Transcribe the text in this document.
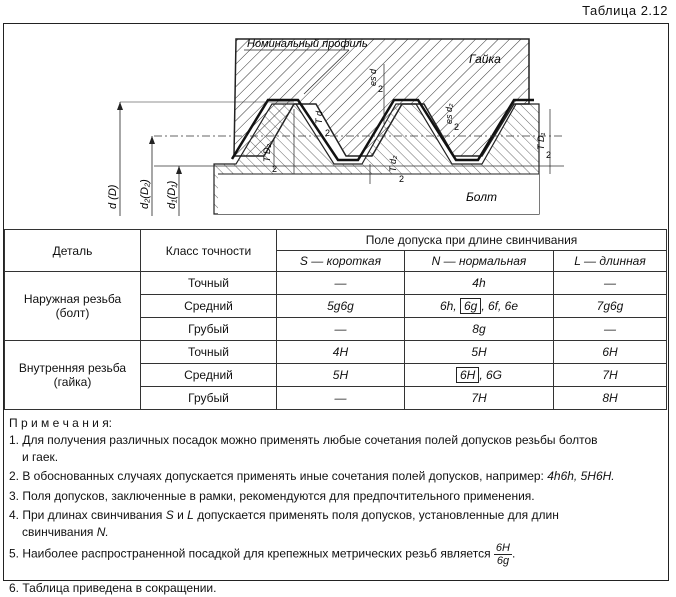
Таблица 2.12
Номинальный профиль
Гайка
Болт
d (D) d₂(D₂) d₁(D₁)
es d
2
es d₂
2
T d
2
T d₂
2
T D₂
2
T D₁
2
Деталь	Класс точности	Поле допуска при длине свинчивания		
		S — короткая	N — нормальная	L — длинная
Наружная резьба (болт)	Точный	—	4h	—
	Средний	5g6g	6h, 6g , 6f, 6e	7g6g
	Грубый	—	8g	—
Внутренняя резьба (гайка)	Точный	4H	5H	6H
	Средний	5H	6H , 6G	7H
	Грубый	—	7H	8H
П р и м е ч а н и я:
1. Для получения различных посадок можно применять любые сочетания полей допусков резьбы болтов
и гаек.
2. В обоснованных случаях допускается применять иные сочетания полей допусков, например: 4h6h, 5H6H.
3. Поля допусков, заключенные в рамки, рекомендуются для предпочтительного применения.
4. При длинах свинчивания S и L допускается применять поля допусков, установленные для длин
свинчивания N.
5. Наиболее распространенной посадкой для крепежных метрических резьб является $\frac{6H}{6g}$ .
6. Таблица приведена в сокращении.
